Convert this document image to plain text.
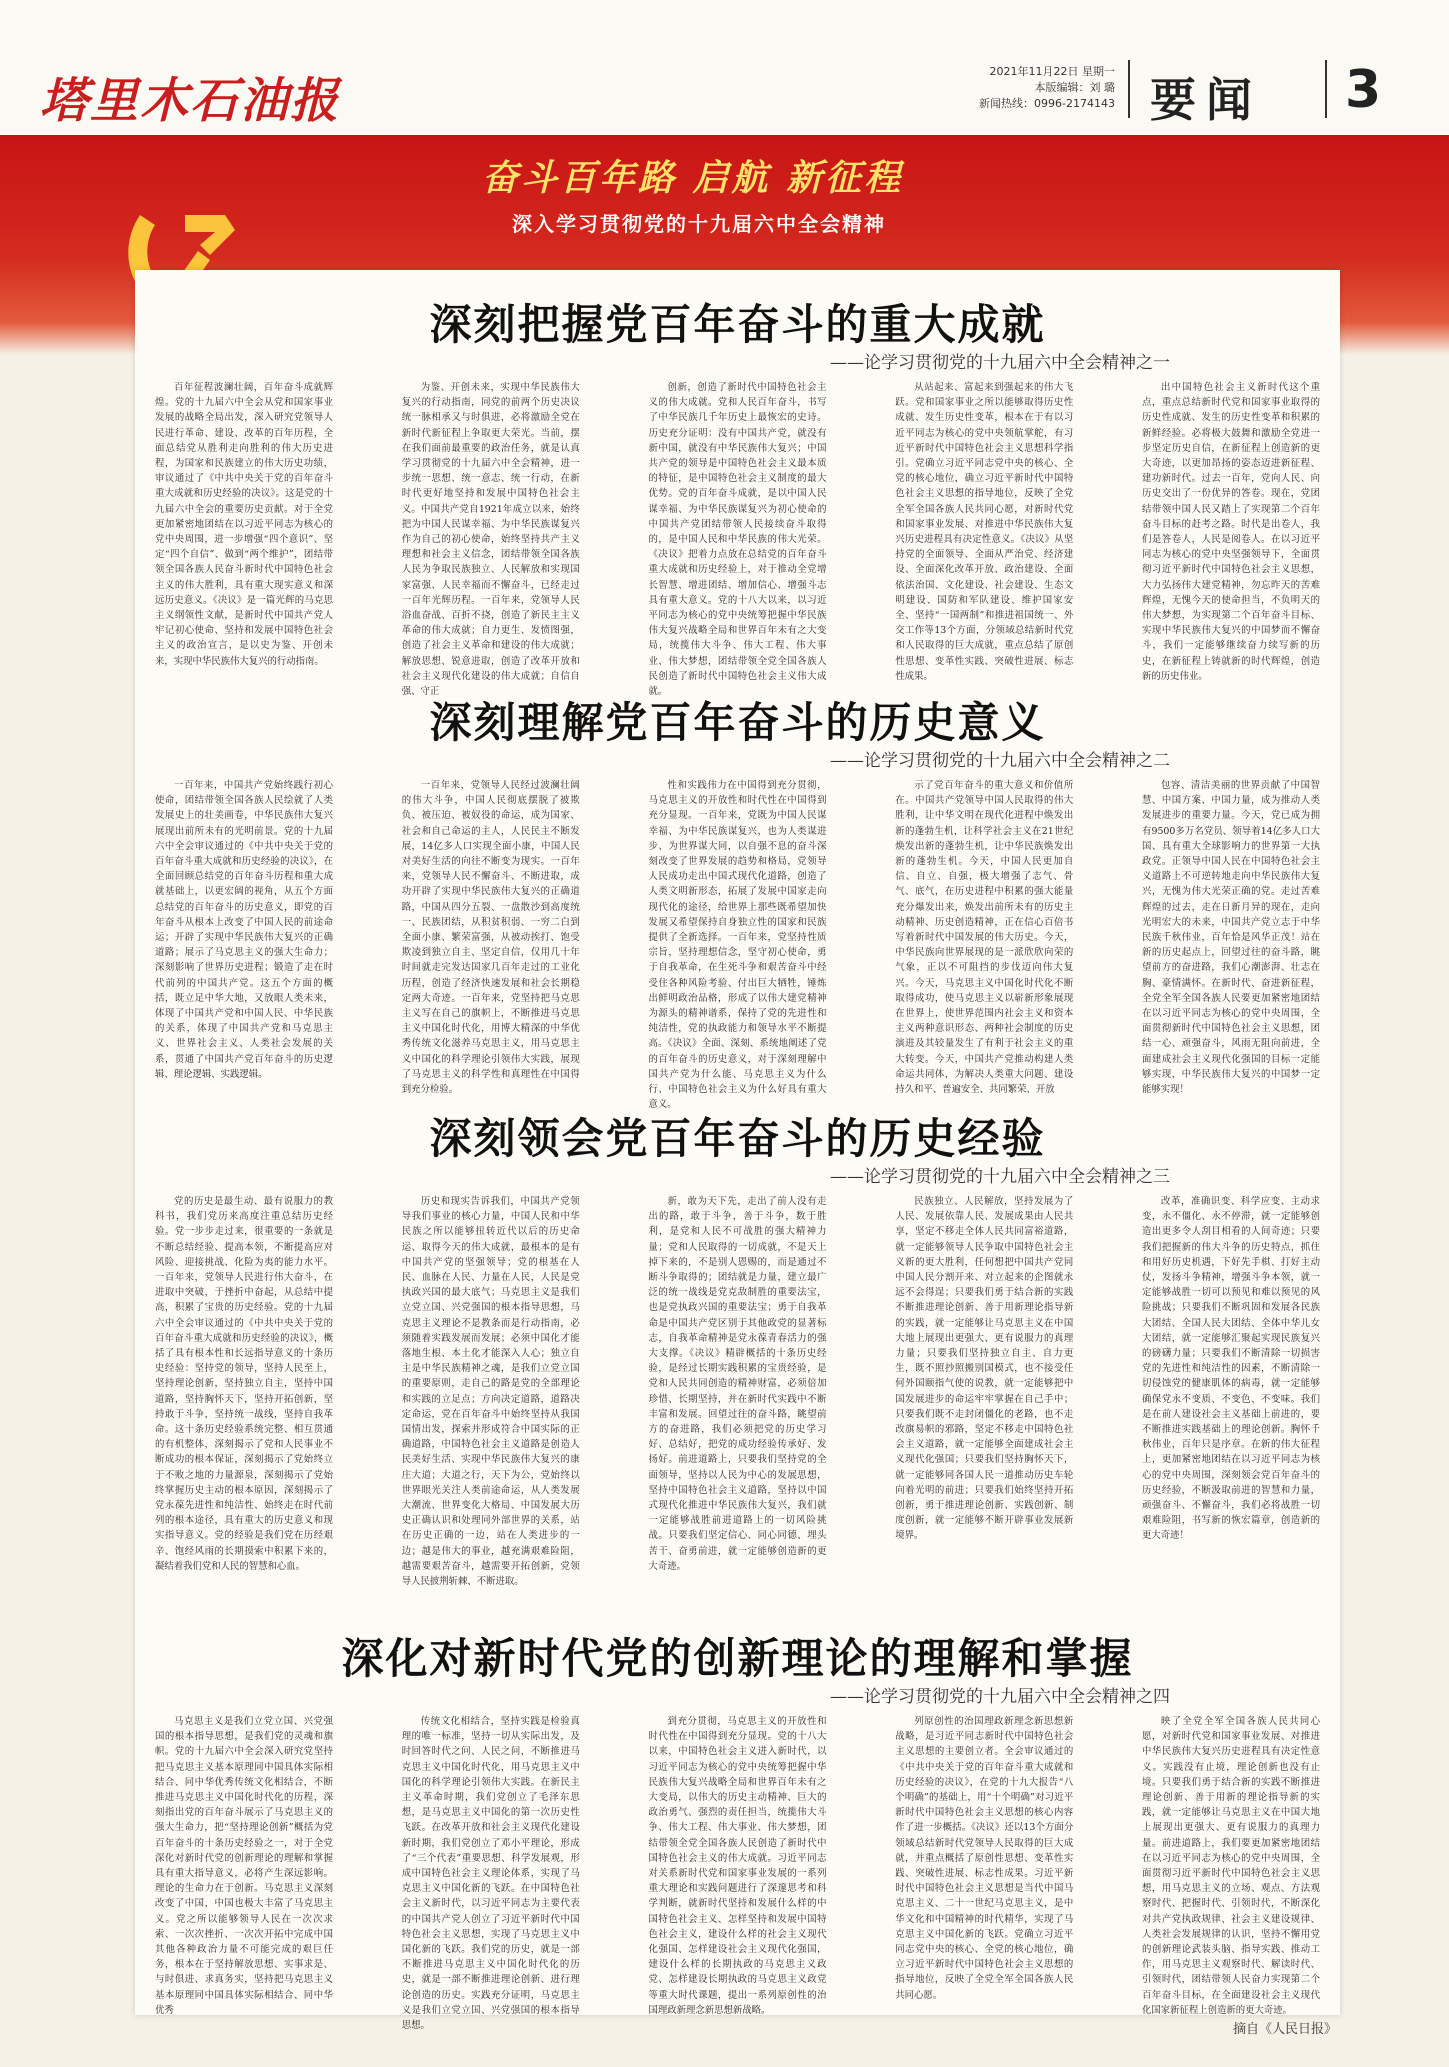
塔里木石油报
2021年11月22日 星期一
本版编辑：刘 璐
新闻热线：0996-2174143 要闻 3
奋斗百年路 启航 新征程
深入学习贯彻党的十九届六中全会精神
深刻把握党百年奋斗的重大成就
——论学习贯彻党的十九届六中全会精神之一
百年征程波澜壮阔，百年奋斗成就辉煌。党的十九届六中全会从党和国家事业发展的战略全局出发，深入研究党领导人民进行革命、建设、改革的百年历程，全面总结党从胜利走向胜利的伟大历史进程，为国家和民族建立的伟大历史功绩，审议通过了《中共中央关于党的百年奋斗重大成就和历史经验的决议》。这是党的十九届六中全会的重要历史贡献。对于全党更加紧密地团结在以习近平同志为核心的党中央周围，进一步增强“四个意识”、坚定“四个自信”、做到“两个维护”，团结带领全国各族人民奋斗新时代中国特色社会主义的伟大胜利，具有重大现实意义和深远历史意义。《决议》是一篇光辉的马克思主义纲领性文献，是新时代中国共产党人牢记初心使命、坚持和发展中国特色社会主义的政治宣言，是以史为鉴、开创未来，实现中华民族伟大复兴的行动指南。
为鉴、开创未来，实现中华民族伟大复兴的行动指南，同党的前两个历史决议统一脉相承又与时俱进，必将激励全党在新时代新征程上争取更大荣光。当前，摆在我们面前最重要的政治任务，就是认真学习贯彻党的十九届六中全会精神，进一步统一思想、统一意志、统一行动，在新时代更好地坚持和发展中国特色社会主义。中国共产党自1921年成立以来，始终把为中国人民谋幸福、为中华民族谋复兴作为自己的初心使命，始终坚持共产主义理想和社会主义信念，团结带领全国各族人民为争取民族独立、人民解放和实现国家富强、人民幸福而不懈奋斗，已经走过一百年光辉历程。一百年来，党领导人民浴血奋战、百折不挠，创造了新民主主义革命的伟大成就；自力更生、发愤图强，创造了社会主义革命和建设的伟大成就；解放思想、锐意进取，创造了改革开放和社会主义现代化建设的伟大成就；自信自强、守正
创新，创造了新时代中国特色社会主义的伟大成就。党和人民百年奋斗，书写了中华民族几千年历史上最恢宏的史诗。历史充分证明：没有中国共产党，就没有新中国，就没有中华民族伟大复兴；中国共产党的领导是中国特色社会主义最本质的特征，是中国特色社会主义制度的最大优势。党的百年奋斗成就，是以中国人民谋幸福、为中华民族谋复兴为初心使命的中国共产党团结带领人民接续奋斗取得的，是中国人民和中华民族的伟大光荣。《决议》把着力点放在总结党的百年奋斗重大成就和历史经验上，对于推动全党增长智慧、增进团结、增加信心、增强斗志具有重大意义。党的十八大以来，以习近平同志为核心的党中央统筹把握中华民族伟大复兴战略全局和世界百年未有之大变局，统揽伟大斗争、伟大工程、伟大事业、伟大梦想，团结带领全党全国各族人民创造了新时代中国特色社会主义伟大成就。
从站起来、富起来到强起来的伟大飞跃。党和国家事业之所以能够取得历史性成就、发生历史性变革，根本在于有以习近平同志为核心的党中央领航掌舵，有习近平新时代中国特色社会主义思想科学指引。党确立习近平同志党中央的核心、全党的核心地位，确立习近平新时代中国特色社会主义思想的指导地位，反映了全党全军全国各族人民共同心愿，对新时代党和国家事业发展、对推进中华民族伟大复兴历史进程具有决定性意义。《决议》从坚持党的全面领导、全面从严治党、经济建设、全面深化改革开放、政治建设、全面依法治国、文化建设、社会建设、生态文明建设、国防和军队建设、维护国家安全、坚持“一国两制”和推进祖国统一、外交工作等13个方面，分领域总结新时代党和人民取得的巨大成就，重点总结了原创性思想、变革性实践、突破性进展、标志性成果。
出中国特色社会主义新时代这个重点，重点总结新时代党和国家事业取得的历史性成就、发生的历史性变革和积累的新鲜经验。必将极大鼓舞和激励全党进一步坚定历史自信，在新征程上创造新的更大奇迹，以更加昂扬的姿态迈进新征程、建功新时代。过去一百年，党向人民、向历史交出了一份优异的答卷。现在，党团结带领中国人民又踏上了实现第二个百年奋斗目标的赶考之路。时代是出卷人，我们是答卷人，人民是阅卷人。在以习近平同志为核心的党中央坚强领导下，全面贯彻习近平新时代中国特色社会主义思想，大力弘扬伟大建党精神，勿忘昨天的苦难辉煌，无愧今天的使命担当，不负明天的伟大梦想，为实现第二个百年奋斗目标、实现中华民族伟大复兴的中国梦而不懈奋斗，我们一定能够继续奋力续写新的历史，在新征程上铸就新的时代辉煌，创造新的历史伟业。
深刻理解党百年奋斗的历史意义
——论学习贯彻党的十九届六中全会精神之二
一百年来，中国共产党始终践行初心使命，团结带领全国各族人民绘就了人类发展史上的壮美画卷，中华民族伟大复兴展现出前所未有的光明前景。党的十九届六中全会审议通过的《中共中央关于党的百年奋斗重大成就和历史经验的决议》，在全面回顾总结党的百年奋斗历程和重大成就基础上，以更宏阔的视角，从五个方面总结党的百年奋斗的历史意义，即党的百年奋斗从根本上改变了中国人民的前途命运；开辟了实现中华民族伟大复兴的正确道路；展示了马克思主义的强大生命力；深刻影响了世界历史进程；锻造了走在时代前列的中国共产党。这五个方面的概括，既立足中华大地，又放眼人类未来，体现了中国共产党和中国人民、中华民族的关系，体现了中国共产党和马克思主义、世界社会主义、人类社会发展的关系，贯通了中国共产党百年奋斗的历史逻辑、理论逻辑、实践逻辑。
一百年来，党领导人民经过波澜壮阔的伟大斗争，中国人民彻底摆脱了被欺负、被压迫、被奴役的命运，成为国家、社会和自己命运的主人，人民民主不断发展，14亿多人口实现全面小康，中国人民对美好生活的向往不断变为现实。一百年来，党领导人民不懈奋斗、不断进取，成功开辟了实现中华民族伟大复兴的正确道路，中国从四分五裂、一盘散沙到高度统一、民族团结，从积贫积弱、一穷二白到全面小康、繁荣富强，从被动挨打、饱受欺凌到独立自主、坚定自信，仅用几十年时间就走完发达国家几百年走过的工业化历程，创造了经济快速发展和社会长期稳定两大奇迹。一百年来，党坚持把马克思主义写在自己的旗帜上，不断推进马克思主义中国化时代化，用博大精深的中华优秀传统文化滋养马克思主义，用马克思主义中国化的科学理论引领伟大实践，展现了马克思主义的科学性和真理性在中国得到充分检验。
性和实践伟力在中国得到充分贯彻，马克思主义的开放性和时代性在中国得到充分显现。一百年来，党既为中国人民谋幸福、为中华民族谋复兴，也为人类谋进步、为世界谋大同，以自强不息的奋斗深刻改变了世界发展的趋势和格局，党领导人民成功走出中国式现代化道路，创造了人类文明新形态，拓展了发展中国家走向现代化的途径，给世界上那些既希望加快发展又希望保持自身独立性的国家和民族提供了全新选择。一百年来，党坚持性质宗旨，坚持理想信念，坚守初心使命，勇于自我革命，在生死斗争和艰苦奋斗中经受住各种风险考验、付出巨大牺牲，锤炼出鲜明政治品格，形成了以伟大建党精神为源头的精神谱系，保持了党的先进性和纯洁性，党的执政能力和领导水平不断提高。《决议》全面、深刻、系统地阐述了党的百年奋斗的历史意义，对于深刻理解中国共产党为什么能、马克思主义为什么行、中国特色社会主义为什么好具有重大意义。
示了党百年奋斗的重大意义和价值所在。中国共产党领导中国人民取得的伟大胜利，让中华文明在现代化进程中焕发出新的蓬勃生机，让科学社会主义在21世纪焕发出新的蓬勃生机，让中华民族焕发出新的蓬勃生机。今天，中国人民更加自信、自立、自强，极大增强了志气、骨气、底气，在历史进程中积累的强大能量充分爆发出来，焕发出前所未有的历史主动精神、历史创造精神，正在信心百倍书写着新时代中国发展的伟大历史。今天，中华民族向世界展现的是一派欣欣向荣的气象，正以不可阻挡的步伐迈向伟大复兴。今天，马克思主义中国化时代化不断取得成功，使马克思主义以崭新形象展现在世界上，使世界范围内社会主义和资本主义两种意识形态、两种社会制度的历史演进及其较量发生了有利于社会主义的重大转变。今天，中国共产党推动构建人类命运共同体，为解决人类重大问题、建设持久和平、普遍安全、共同繁荣、开放
包容、清洁美丽的世界贡献了中国智慧、中国方案、中国力量，成为推动人类发展进步的重要力量。今天，党已成为拥有9500多万名党员、领导着14亿多人口大国、具有重大全球影响力的世界第一大执政党。正领导中国人民在中国特色社会主义道路上不可逆转地走向中华民族伟大复兴，无愧为伟大光荣正确的党。走过苦难辉煌的过去，走在日新月异的现在，走向光明宏大的未来，中国共产党立志于中华民族千秋伟业，百年恰是风华正茂！站在新的历史起点上，回望过往的奋斗路，眺望前方的奋进路，我们心潮澎湃、壮志在胸、豪情满怀。在新时代、奋进新征程，全党全军全国各族人民要更加紧密地团结在以习近平同志为核心的党中央周围，全面贯彻新时代中国特色社会主义思想，团结一心、顽强奋斗，风雨无阻向前进，全面建成社会主义现代化强国的目标一定能够实现，中华民族伟大复兴的中国梦一定能够实现！
深刻领会党百年奋斗的历史经验
——论学习贯彻党的十九届六中全会精神之三
党的历史是最生动、最有说服力的教科书，我们党历来高度注重总结历史经验。党一步步走过来，很重要的一条就是不断总结经验、提高本领，不断提高应对风险、迎接挑战、化险为夷的能力水平。一百年来，党领导人民进行伟大奋斗，在进取中突破，于挫折中奋起，从总结中提高，积累了宝贵的历史经验。党的十九届六中全会审议通过的《中共中央关于党的百年奋斗重大成就和历史经验的决议》，概括了具有根本性和长远指导意义的十条历史经验：坚持党的领导，坚持人民至上，坚持理论创新，坚持独立自主，坚持中国道路，坚持胸怀天下，坚持开拓创新，坚持敢于斗争，坚持统一战线，坚持自我革命。这十条历史经验系统完整、相互贯通的有机整体，深刻揭示了党和人民事业不断成功的根本保证，深刻揭示了党始终立于不败之地的力量源泉，深刻揭示了党始终掌握历史主动的根本原因，深刻揭示了党永葆先进性和纯洁性、始终走在时代前列的根本途径，具有重大的历史意义和现实指导意义。党的经验是我们党在历经艰辛、饱经风雨的长期摸索中积累下来的，凝结着我们党和人民的智慧和心血。
历史和现实告诉我们，中国共产党领导我们事业的核心力量，中国人民和中华民族之所以能够扭转近代以后的历史命运、取得今天的伟大成就，最根本的是有中国共产党的坚强领导；党的根基在人民、血脉在人民、力量在人民，人民是党执政兴国的最大底气；马克思主义是我们立党立国、兴党强国的根本指导思想，马克思主义理论不是教条而是行动指南，必须随着实践发展而发展；必须中国化才能落地生根、本土化才能深入人心；独立自主是中华民族精神之魂，是我们立党立国的重要原则，走自己的路是党的全部理论和实践的立足点；方向决定道路，道路决定命运，党在百年奋斗中始终坚持从我国国情出发，探索并形成符合中国实际的正确道路，中国特色社会主义道路是创造人民美好生活、实现中华民族伟大复兴的康庄大道；大道之行，天下为公，党始终以世界眼光关注人类前途命运，从人类发展大潮流、世界变化大格局、中国发展大历史正确认识和处理同外部世界的关系，站在历史正确的一边，站在人类进步的一边；越是伟大的事业，越充满艰难险阻，越需要艰苦奋斗，越需要开拓创新，党领导人民披荆斩棘、不断进取。
新，敢为天下先，走出了前人没有走出的路，敢于斗争，善于斗争，数于胜利，是党和人民不可战胜的强大精神力量；党和人民取得的一切成就，不是天上掉下来的，不是别人恩赐的，而是通过不断斗争取得的；团结就是力量，建立最广泛的统一战线是党克敌制胜的重要法宝，也是党执政兴国的重要法宝；勇于自我革命是中国共产党区别于其他政党的显著标志，自我革命精神是党永葆青春活力的强大支撑。《决议》精辟概括的十条历史经验，是经过长期实践积累的宝贵经验，是党和人民共同创造的精神财富，必须倍加珍惜、长期坚持，并在新时代实践中不断丰富和发展。回望过往的奋斗路，眺望前方的奋进路，我们必须把党的历史学习好、总结好，把党的成功经验传承好、发扬好。前进道路上，只要我们坚持党的全面领导，坚持以人民为中心的发展思想，坚持中国特色社会主义道路，坚持以中国式现代化推进中华民族伟大复兴，我们就一定能够战胜前进道路上的一切风险挑战。只要我们坚定信心、同心同德、埋头苦干、奋勇前进，就一定能够创造新的更大奇迹。
民族独立、人民解放，坚持发展为了人民、发展依靠人民、发展成果由人民共享，坚定不移走全体人民共同富裕道路，就一定能够领导人民争取中国特色社会主义新的更大胜利，任何想把中国共产党同中国人民分割开来、对立起来的企图就永远不会得逞；只要我们勇于结合新的实践不断推进理论创新、善于用新理论指导新的实践，就一定能够让马克思主义在中国大地上展现出更强大、更有说服力的真理力量；只要我们坚持独立自主、自力更生，既不照抄照搬别国模式，也不接受任何外国颐指气使的说教，就一定能够把中国发展进步的命运牢牢掌握在自己手中；只要我们既不走封闭僵化的老路，也不走改旗易帜的邪路，坚定不移走中国特色社会主义道路，就一定能够全面建成社会主义现代化强国；只要我们坚持胸怀天下，就一定能够同各国人民一道推动历史车轮向着光明的前进；只要我们始终坚持开拓创新，勇于推进理论创新、实践创新、制度创新，就一定能够不断开辟事业发展新境界。
改革，准确识变、科学应变、主动求变，永不僵化、永不停滞，就一定能够创造出更多令人刮目相看的人间奇迹；只要我们把握新的伟大斗争的历史特点，抓住和用好历史机遇，下好先手棋、打好主动仗，发扬斗争精神，增强斗争本领，就一定能够战胜一切可以预见和难以预见的风险挑战；只要我们不断巩固和发展各民族大团结、全国人民大团结、全体中华儿女大团结，就一定能够汇聚起实现民族复兴的磅礴力量；只要我们不断清除一切损害党的先进性和纯洁性的因素，不断清除一切侵蚀党的健康肌体的病毒，就一定能够确保党永不变质、不变色、不变味。我们是在前人建设社会主义基础上前进的，要不断推进实践基础上的理论创新。胸怀千秋伟业，百年只是序章。在新的伟大征程上，更加紧密地团结在以习近平同志为核心的党中央周围，深刻领会党百年奋斗的历史经验，不断汲取前进的智慧和力量，顽强奋斗、不懈奋斗，我们必将战胜一切艰难险阻，书写新的恢宏篇章，创造新的更大奇迹！
深化对新时代党的创新理论的理解和掌握
——论学习贯彻党的十九届六中全会精神之四
马克思主义是我们立党立国、兴党强国的根本指导思想，是我们党的灵魂和旗帜。党的十九届六中全会深入研究党坚持把马克思主义基本原理同中国具体实际相结合、同中华优秀传统文化相结合，不断推进马克思主义中国化时代化的历程，深刻指出党的百年奋斗展示了马克思主义的强大生命力，把“坚持理论创新”概括为党百年奋斗的十条历史经验之一，对于全党深化对新时代党的创新理论的理解和掌握具有重大指导意义，必将产生深远影响。理论的生命力在于创新。马克思主义深刻改变了中国，中国也极大丰富了马克思主义。党之所以能够领导人民在一次次求索、一次次挫折、一次次开拓中完成中国其他各种政治力量不可能完成的艰巨任务，根本在于坚持解放思想、实事求是、与时俱进、求真务实，坚持把马克思主义基本原理同中国具体实际相结合、同中华优秀
传统文化相结合，坚持实践是检验真理的唯一标准，坚持一切从实际出发，及时回答时代之问、人民之问，不断推进马克思主义中国化时代化，用马克思主义中国化的科学理论引领伟大实践。在新民主主义革命时期，我们党创立了毛泽东思想，是马克思主义中国化的第一次历史性飞跃。在改革开放和社会主义现代化建设新时期，我们党创立了邓小平理论，形成了“三个代表”重要思想、科学发展观，形成中国特色社会主义理论体系，实现了马克思主义中国化新的飞跃。在中国特色社会主义新时代，以习近平同志为主要代表的中国共产党人创立了习近平新时代中国特色社会主义思想，实现了马克思主义中国化新的飞跃。我们党的历史，就是一部不断推进马克思主义中国化时代化的历史，就是一部不断推进理论创新、进行理论创造的历史。实践充分证明，马克思主义是我们立党立国、兴党强国的根本指导思想。
到充分贯彻，马克思主义的开放性和时代性在中国得到充分显现。党的十八大以来，中国特色社会主义进入新时代，以习近平同志为核心的党中央统筹把握中华民族伟大复兴战略全局和世界百年未有之大变局，以伟大的历史主动精神、巨大的政治勇气、强烈的责任担当，统揽伟大斗争、伟大工程、伟大事业、伟大梦想，团结带领全党全国各族人民创造了新时代中国特色社会主义的伟大成就。习近平同志对关系新时代党和国家事业发展的一系列重大理论和实践问题进行了深邃思考和科学判断，就新时代坚持和发展什么样的中国特色社会主义、怎样坚持和发展中国特色社会主义，建设什么样的社会主义现代化强国、怎样建设社会主义现代化强国，建设什么样的长期执政的马克思主义政党、怎样建设长期执政的马克思主义政党等重大时代课题，提出一系列原创性的治国理政新理念新思想新战略。
列原创性的治国理政新理念新思想新战略，是习近平同志新时代中国特色社会主义思想的主要创立者。全会审议通过的《中共中央关于党的百年奋斗重大成就和历史经验的决议》，在党的十九大报告“八个明确”的基础上，用“十个明确”对习近平新时代中国特色社会主义思想的核心内容作了进一步概括。《决议》还以13个方面分领域总结新时代党领导人民取得的巨大成就，并重点概括了原创性思想、变革性实践、突破性进展、标志性成果。习近平新时代中国特色社会主义思想是当代中国马克思主义、二十一世纪马克思主义，是中华文化和中国精神的时代精华，实现了马克思主义中国化新的飞跃。党确立习近平同志党中央的核心、全党的核心地位，确立习近平新时代中国特色社会主义思想的指导地位，反映了全党全军全国各族人民共同心愿。
映了全党全军全国各族人民共同心愿，对新时代党和国家事业发展、对推进中华民族伟大复兴历史进程具有决定性意义。实践没有止境，理论创新也没有止境。只要我们勇于结合新的实践不断推进理论创新、善于用新的理论指导新的实践，就一定能够让马克思主义在中国大地上展现出更强大、更有说服力的真理力量。前进道路上，我们要更加紧密地团结在以习近平同志为核心的党中央周围，全面贯彻习近平新时代中国特色社会主义思想，用马克思主义的立场、观点、方法观察时代、把握时代、引领时代，不断深化对共产党执政规律、社会主义建设规律、人类社会发展规律的认识，坚持不懈用党的创新理论武装头脑、指导实践、推动工作，用马克思主义观察时代、解读时代、引领时代，团结带领人民奋力实现第二个百年奋斗目标，在全面建设社会主义现代化国家新征程上创造新的更大奇迹。
摘自《人民日报》
